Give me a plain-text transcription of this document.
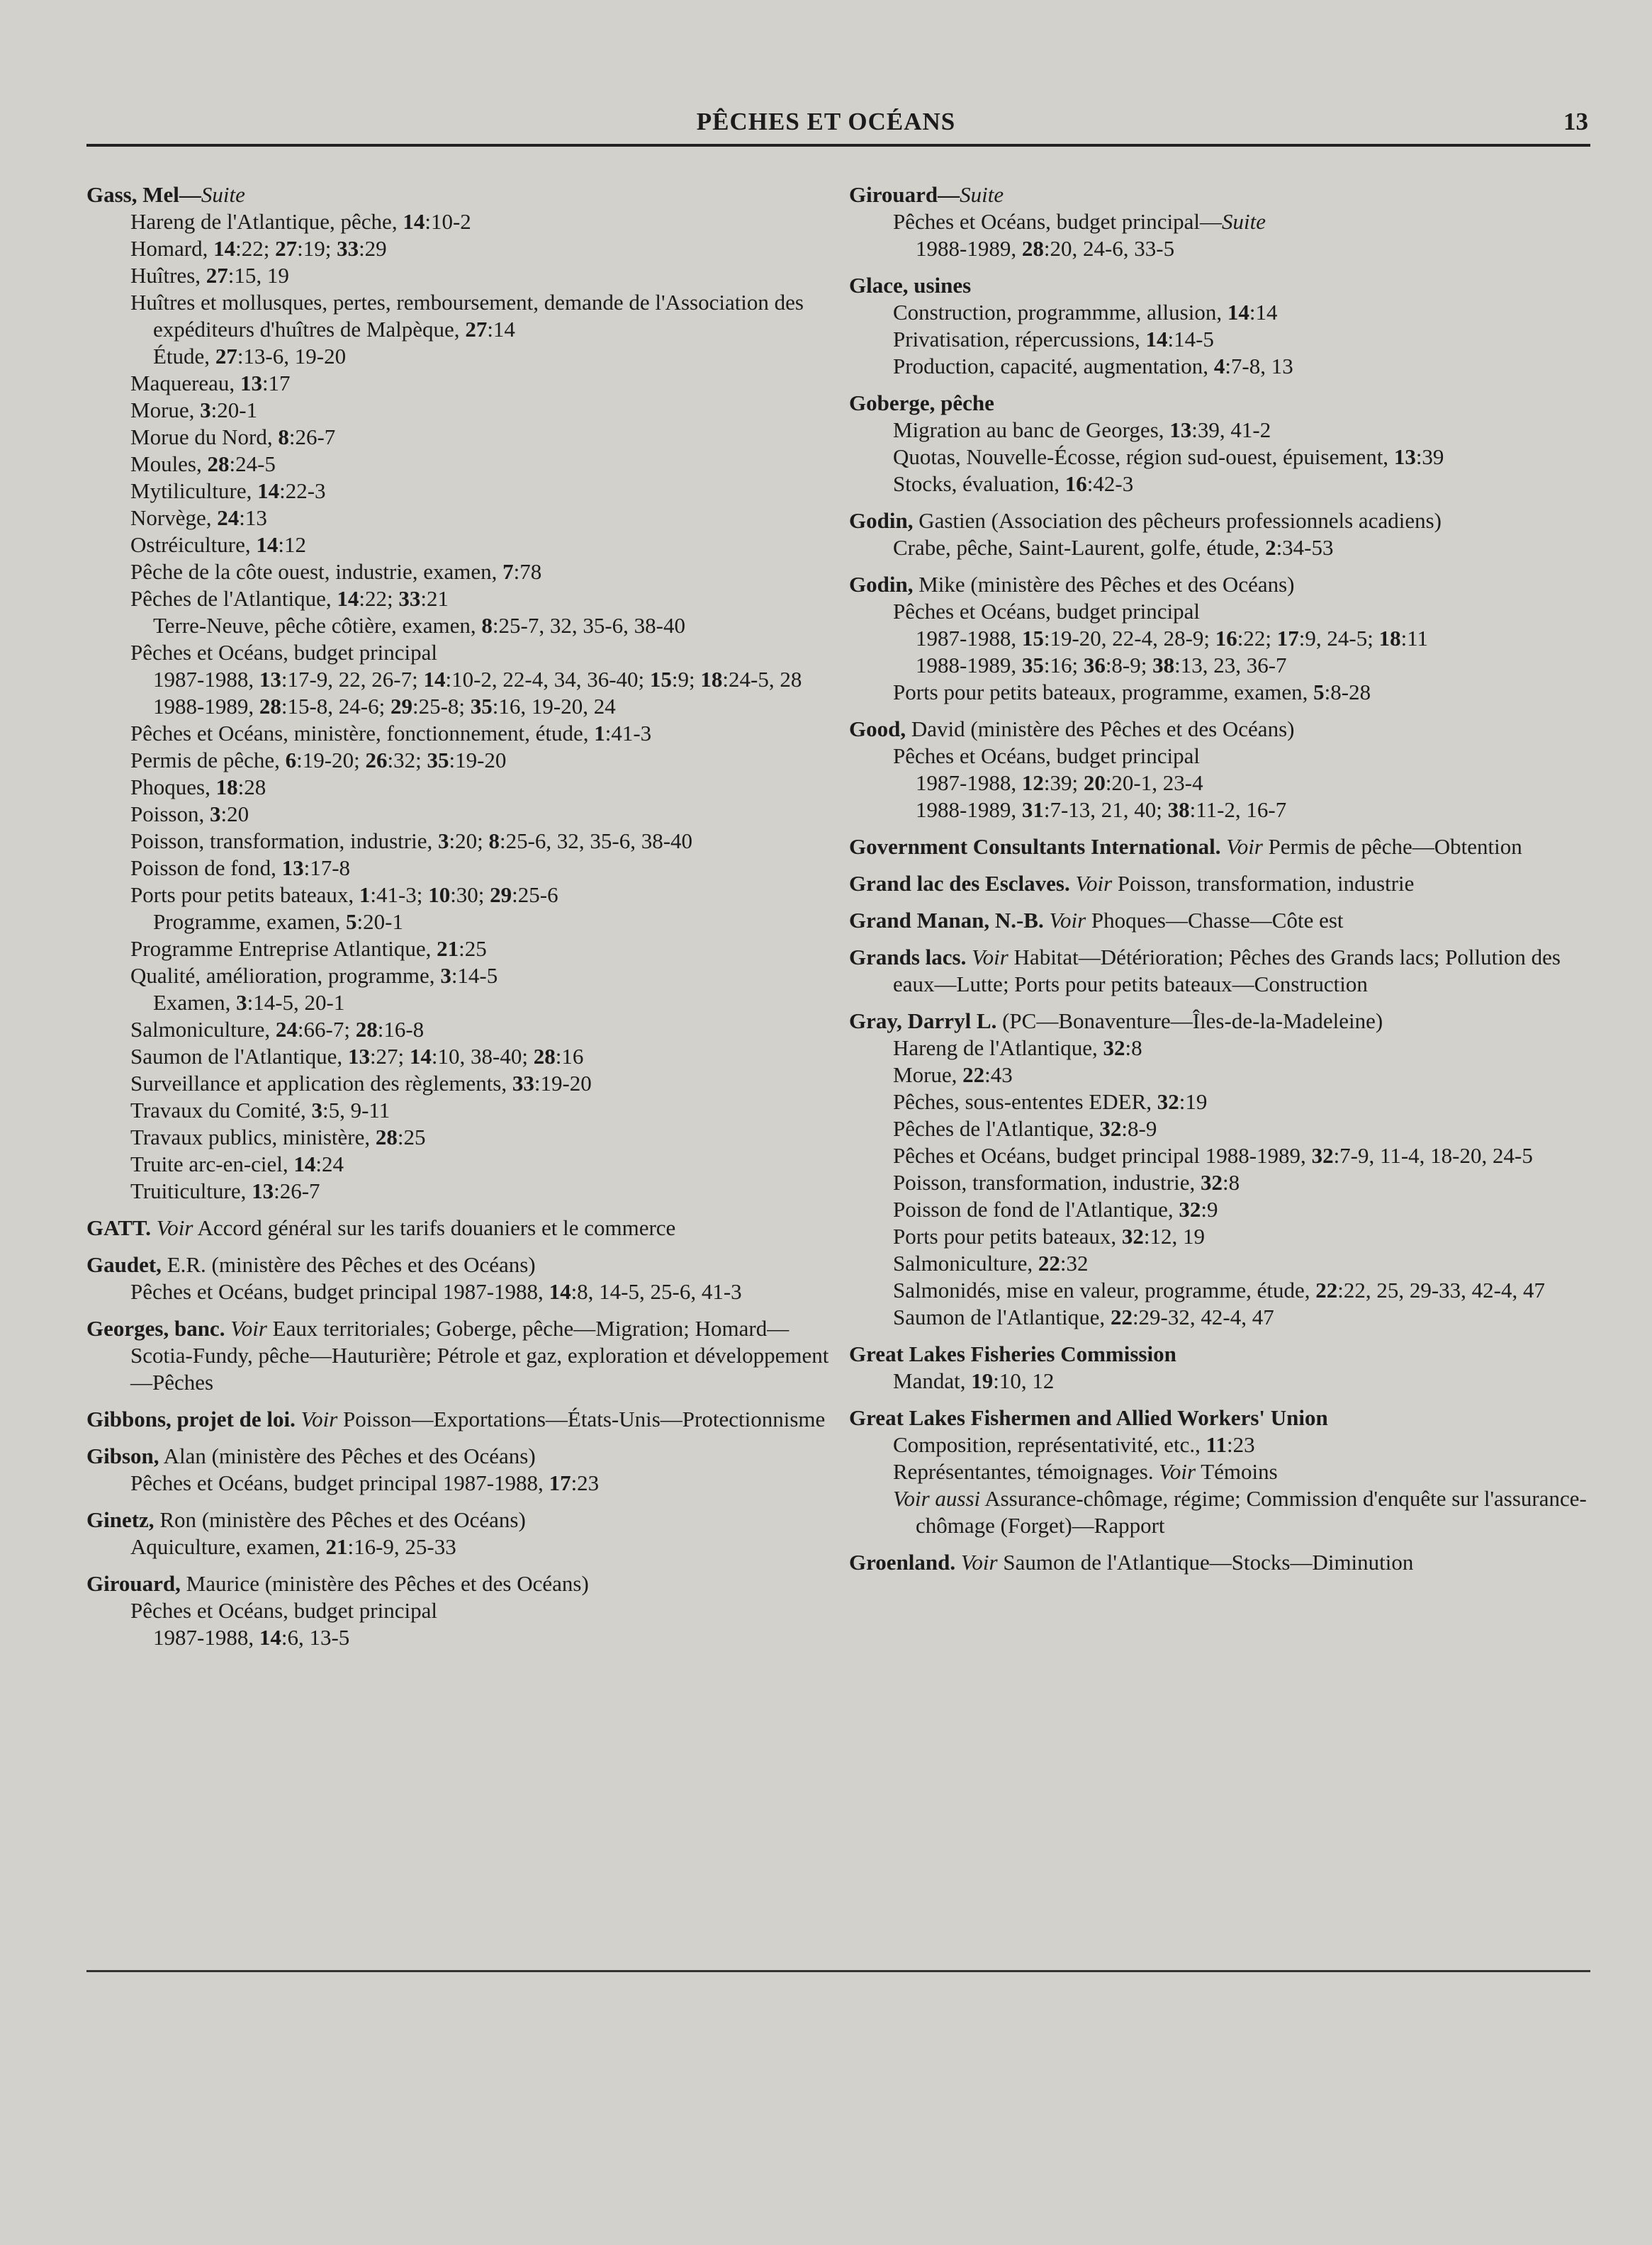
PÊCHES ET OCÉANS	13
Gass, Mel—Suite
Hareng de l'Atlantique, pêche, 14:10-2
Homard, 14:22; 27:19; 33:29
Huîtres, 27:15, 19
Huîtres et mollusques, pertes, remboursement, demande de l'Association des expéditeurs d'huîtres de Malpèque, 27:14
Étude, 27:13-6, 19-20
Maquereau, 13:17
Morue, 3:20-1
Morue du Nord, 8:26-7
Moules, 28:24-5
Mytiliculture, 14:22-3
Norvège, 24:13
Ostréiculture, 14:12
Pêche de la côte ouest, industrie, examen, 7:78
Pêches de l'Atlantique, 14:22; 33:21
Terre-Neuve, pêche côtière, examen, 8:25-7, 32, 35-6, 38-40
Pêches et Océans, budget principal
1987-1988, 13:17-9, 22, 26-7; 14:10-2, 22-4, 34, 36-40; 15:9; 18:24-5, 28
1988-1989, 28:15-8, 24-6; 29:25-8; 35:16, 19-20, 24
Pêches et Océans, ministère, fonctionnement, étude, 1:41-3
Permis de pêche, 6:19-20; 26:32; 35:19-20
Phoques, 18:28
Poisson, 3:20
Poisson, transformation, industrie, 3:20; 8:25-6, 32, 35-6, 38-40
Poisson de fond, 13:17-8
Ports pour petits bateaux, 1:41-3; 10:30; 29:25-6
Programme, examen, 5:20-1
Programme Entreprise Atlantique, 21:25
Qualité, amélioration, programme, 3:14-5
Examen, 3:14-5, 20-1
Salmoniculture, 24:66-7; 28:16-8
Saumon de l'Atlantique, 13:27; 14:10, 38-40; 28:16
Surveillance et application des règlements, 33:19-20
Travaux du Comité, 3:5, 9-11
Travaux publics, ministère, 28:25
Truite arc-en-ciel, 14:24
Truiticulture, 13:26-7
GATT. Voir Accord général sur les tarifs douaniers et le commerce
Gaudet, E.R. (ministère des Pêches et des Océans)
Pêches et Océans, budget principal 1987-1988, 14:8, 14-5, 25-6, 41-3
Georges, banc. Voir Eaux territoriales; Goberge, pêche—Migration; Homard—Scotia-Fundy, pêche—Hauturière; Pétrole et gaz, exploration et développement—Pêches
Gibbons, projet de loi. Voir Poisson—Exportations—États-Unis—Protectionnisme
Gibson, Alan (ministère des Pêches et des Océans)
Pêches et Océans, budget principal 1987-1988, 17:23
Ginetz, Ron (ministère des Pêches et des Océans)
Aquiculture, examen, 21:16-9, 25-33
Girouard, Maurice (ministère des Pêches et des Océans)
Pêches et Océans, budget principal
1987-1988, 14:6, 13-5
Girouard—Suite
Pêches et Océans, budget principal—Suite
1988-1989, 28:20, 24-6, 33-5
Glace, usines
Construction, programmme, allusion, 14:14
Privatisation, répercussions, 14:14-5
Production, capacité, augmentation, 4:7-8, 13
Goberge, pêche
Migration au banc de Georges, 13:39, 41-2
Quotas, Nouvelle-Écosse, région sud-ouest, épuisement, 13:39
Stocks, évaluation, 16:42-3
Godin, Gastien (Association des pêcheurs professionnels acadiens)
Crabe, pêche, Saint-Laurent, golfe, étude, 2:34-53
Godin, Mike (ministère des Pêches et des Océans)
Pêches et Océans, budget principal
1987-1988, 15:19-20, 22-4, 28-9; 16:22; 17:9, 24-5; 18:11
1988-1989, 35:16; 36:8-9; 38:13, 23, 36-7
Ports pour petits bateaux, programme, examen, 5:8-28
Good, David (ministère des Pêches et des Océans)
Pêches et Océans, budget principal
1987-1988, 12:39; 20:20-1, 23-4
1988-1989, 31:7-13, 21, 40; 38:11-2, 16-7
Government Consultants International. Voir Permis de pêche—Obtention
Grand lac des Esclaves. Voir Poisson, transformation, industrie
Grand Manan, N.-B. Voir Phoques—Chasse—Côte est
Grands lacs. Voir Habitat—Détérioration; Pêches des Grands lacs; Pollution des eaux—Lutte; Ports pour petits bateaux—Construction
Gray, Darryl L. (PC—Bonaventure—Îles-de-la-Madeleine)
Hareng de l'Atlantique, 32:8
Morue, 22:43
Pêches, sous-ententes EDER, 32:19
Pêches de l'Atlantique, 32:8-9
Pêches et Océans, budget principal 1988-1989, 32:7-9, 11-4, 18-20, 24-5
Poisson, transformation, industrie, 32:8
Poisson de fond de l'Atlantique, 32:9
Ports pour petits bateaux, 32:12, 19
Salmoniculture, 22:32
Salmonidés, mise en valeur, programme, étude, 22:22, 25, 29-33, 42-4, 47
Saumon de l'Atlantique, 22:29-32, 42-4, 47
Great Lakes Fisheries Commission
Mandat, 19:10, 12
Great Lakes Fishermen and Allied Workers' Union
Composition, représentativité, etc., 11:23
Représentantes, témoignages. Voir Témoins
Voir aussi Assurance-chômage, régime; Commission d'enquête sur l'assurance-chômage (Forget)—Rapport
Groenland. Voir Saumon de l'Atlantique—Stocks—Diminution
